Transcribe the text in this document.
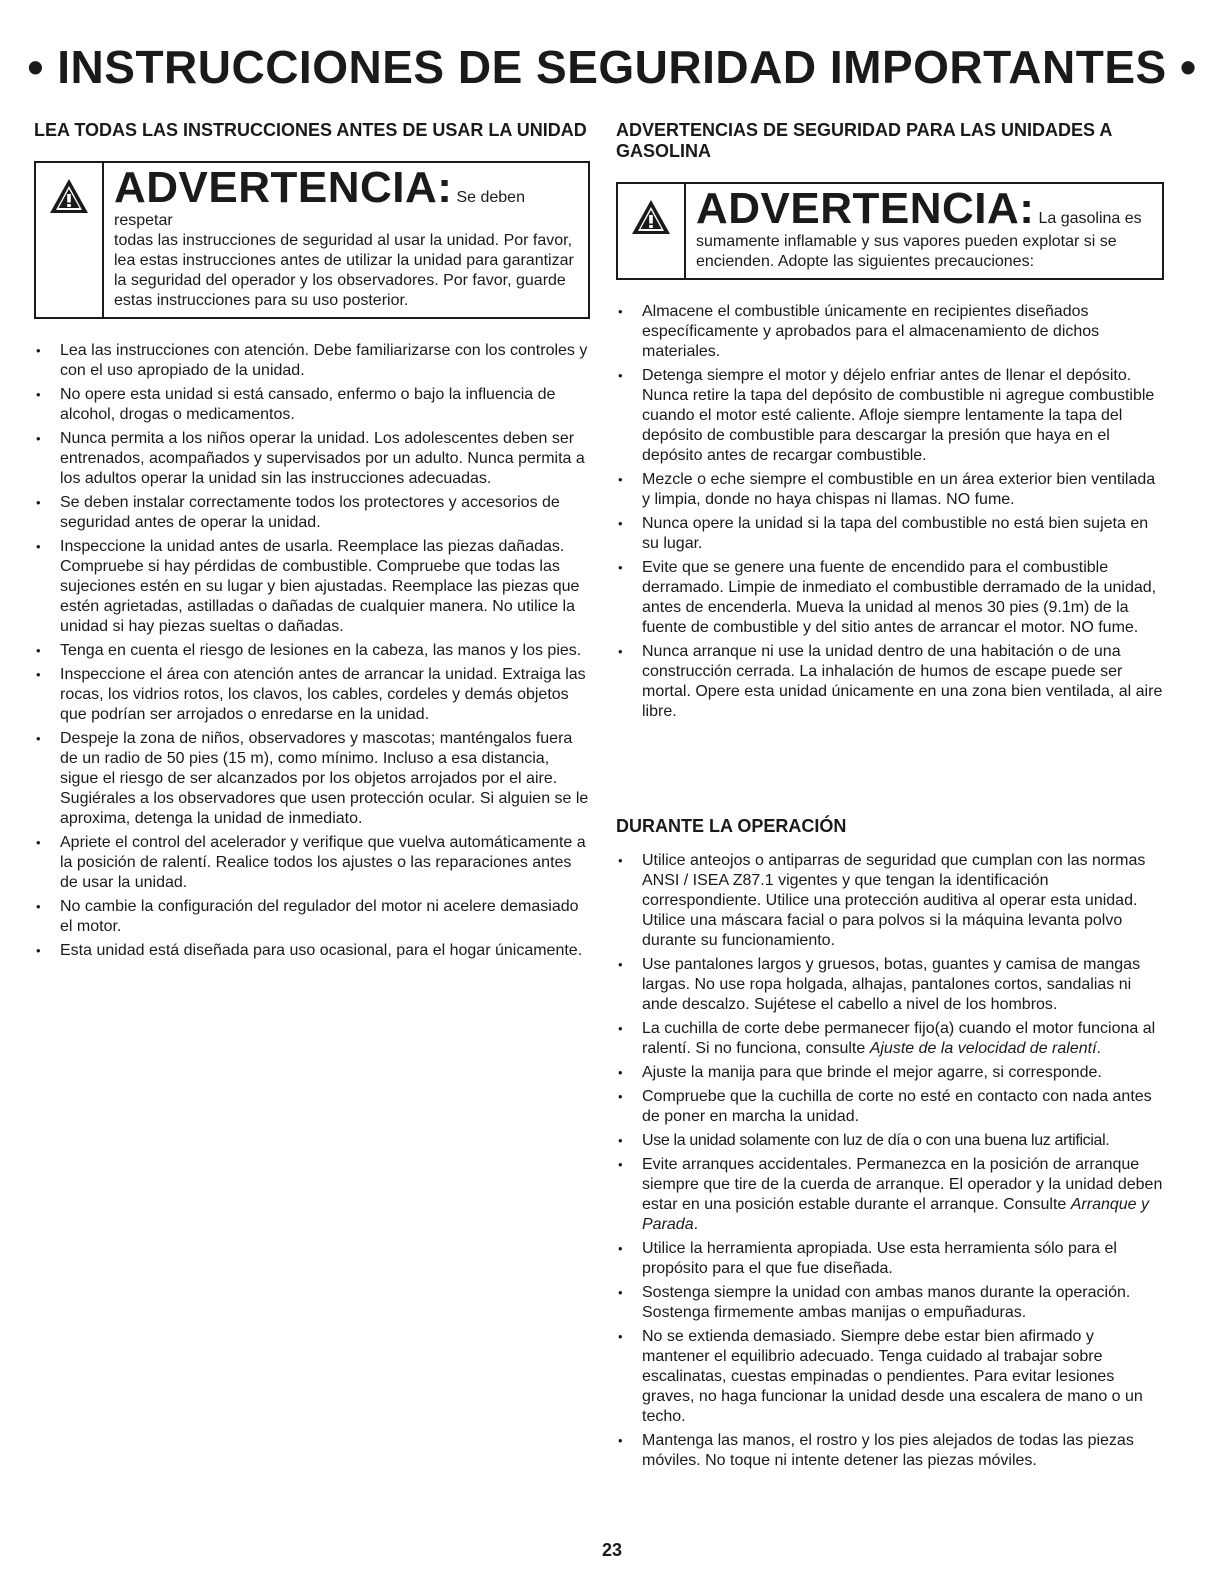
• INSTRUCCIONES DE SEGURIDAD IMPORTANTES •
LEA TODAS LAS INSTRUCCIONES ANTES DE USAR LA UNIDAD
ADVERTENCIA: Se deben respetar
todas las instrucciones de seguridad al usar la unidad. Por favor, lea estas instrucciones antes de utilizar la unidad para garantizar la seguridad del operador y los observadores. Por favor, guarde estas instrucciones para su uso posterior.
• Lea las instrucciones con atención. Debe familiarizarse con los controles y con el uso apropiado de la unidad.
• No opere esta unidad si está cansado, enfermo o bajo la influencia de alcohol, drogas o medicamentos.
• Nunca permita a los niños operar la unidad. Los adolescentes deben ser entrenados, acompañados y supervisados por un adulto. Nunca permita a los adultos operar la unidad sin las instrucciones adecuadas.
• Se deben instalar correctamente todos los protectores y accesorios de seguridad antes de operar la unidad.
• Inspeccione la unidad antes de usarla. Reemplace las piezas dañadas. Compruebe si hay pérdidas de combustible. Compruebe que todas las sujeciones estén en su lugar y bien ajustadas. Reemplace las piezas que estén agrietadas, astilladas o dañadas de cualquier manera. No utilice la unidad si hay piezas sueltas o dañadas.
• Tenga en cuenta el riesgo de lesiones en la cabeza, las manos y los pies.
• Inspeccione el área con atención antes de arrancar la unidad. Extraiga las rocas, los vidrios rotos, los clavos, los cables, cordeles y demás objetos que podrían ser arrojados o enredarse en la unidad.
• Despeje la zona de niños, observadores y mascotas; manténgalos fuera de un radio de 50 pies (15 m), como mínimo. Incluso a esa distancia, sigue el riesgo de ser alcanzados por los objetos arrojados por el aire. Sugiérales a los observadores que usen protección ocular. Si alguien se le aproxima, detenga la unidad de inmediato.
• Apriete el control del acelerador y verifique que vuelva automáticamente a la posición de ralentí. Realice todos los ajustes o las reparaciones antes de usar la unidad.
• No cambie la configuración del regulador del motor ni acelere demasiado el motor.
• Esta unidad está diseñada para uso ocasional, para el hogar únicamente.
ADVERTENCIAS DE SEGURIDAD PARA LAS UNIDADES A GASOLINA
ADVERTENCIA: La gasolina es
sumamente inflamable y sus vapores pueden explotar si se encienden. Adopte las siguientes precauciones:
• Almacene el combustible únicamente en recipientes diseñados específicamente y aprobados para el almacenamiento de dichos materiales.
• Detenga siempre el motor y déjelo enfriar antes de llenar el depósito. Nunca retire la tapa del depósito de combustible ni agregue combustible cuando el motor esté caliente. Afloje siempre lentamente la tapa del depósito de combustible para descargar la presión que haya en el depósito antes de recargar combustible.
• Mezcle o eche siempre el combustible en un área exterior bien ventilada y limpia, donde no haya chispas ni llamas. NO fume.
• Nunca opere la unidad si la tapa del combustible no está bien sujeta en su lugar.
• Evite que se genere una fuente de encendido para el combustible derramado. Limpie de inmediato el combustible derramado de la unidad, antes de encenderla. Mueva la unidad al menos 30 pies (9.1m) de la fuente de combustible y del sitio antes de arrancar el motor. NO fume.
• Nunca arranque ni use la unidad dentro de una habitación o de una construcción cerrada. La inhalación de humos de escape puede ser mortal. Opere esta unidad únicamente en una zona bien ventilada, al aire libre.
DURANTE LA OPERACIÓN
• Utilice anteojos o antiparras de seguridad que cumplan con las normas ANSI / ISEA Z87.1 vigentes y que tengan la identificación correspondiente. Utilice una protección auditiva al operar esta unidad. Utilice una máscara facial o para polvos si la máquina levanta polvo durante su funcionamiento.
• Use pantalones largos y gruesos, botas, guantes y camisa de mangas largas. No use ropa holgada, alhajas, pantalones cortos, sandalias ni ande descalzo. Sujétese el cabello a nivel de los hombros.
• La cuchilla de corte debe permanecer fijo(a) cuando el motor funciona al ralentí. Si no funciona, consulte Ajuste de la velocidad de ralentí.
• Ajuste la manija para que brinde el mejor agarre, si corresponde.
• Compruebe que la cuchilla de corte no esté en contacto con nada antes de poner en marcha la unidad.
• Use la unidad solamente con luz de día o con una buena luz artificial.
• Evite arranques accidentales. Permanezca en la posición de arranque siempre que tire de la cuerda de arranque. El operador y la unidad deben estar en una posición estable durante el arranque. Consulte Arranque y Parada.
• Utilice la herramienta apropiada. Use esta herramienta sólo para el propósito para el que fue diseñada.
• Sostenga siempre la unidad con ambas manos durante la operación. Sostenga firmemente ambas manijas o empuñaduras.
• No se extienda demasiado. Siempre debe estar bien afirmado y mantener el equilibrio adecuado. Tenga cuidado al trabajar sobre escalinatas, cuestas empinadas o pendientes. Para evitar lesiones graves, no haga funcionar la unidad desde una escalera de mano o un techo.
• Mantenga las manos, el rostro y los pies alejados de todas las piezas móviles. No toque ni intente detener las piezas móviles.
23
